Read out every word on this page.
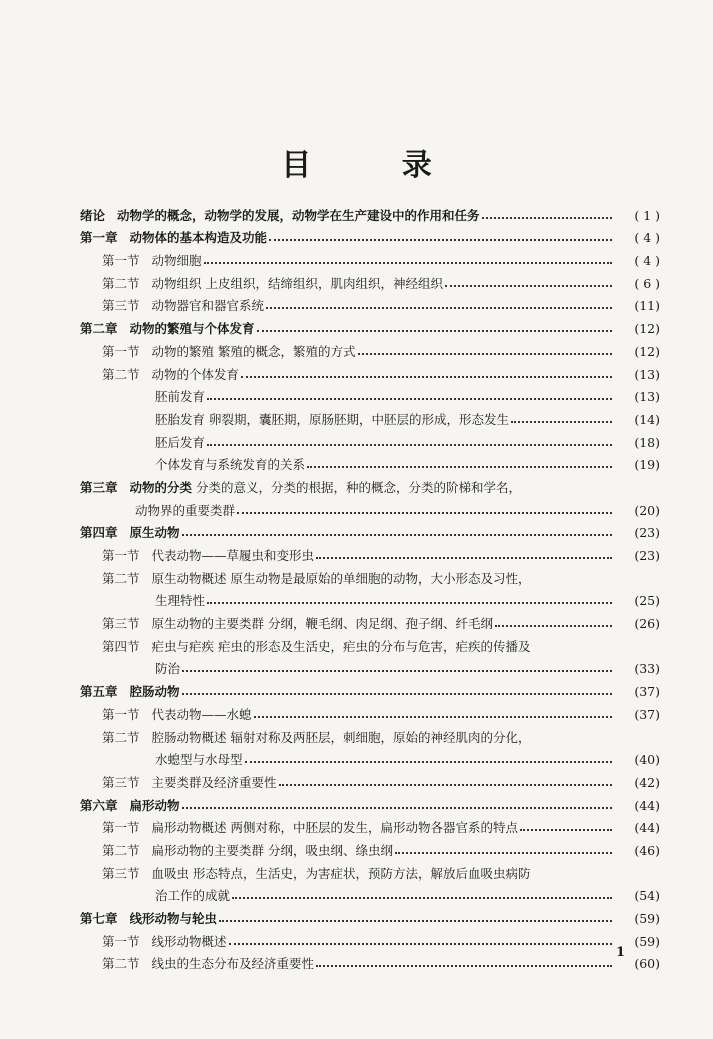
目 录
绪论 动物学的概念，动物学的发展，动物学在生产建设中的作用和任务	( 1 )
第一章 动物体的基本构造及功能	( 4 )
第一节 动物细胞	( 4 )
第二节 动物组织 上皮组织，结缔组织，肌肉组织，神经组织	( 6 )
第三节 动物器官和器官系统	(11)
第二章 动物的繁殖与个体发育	(12)
第一节 动物的繁殖 繁殖的概念，繁殖的方式	(12)
第二节 动物的个体发育	(13)
胚前发育	(13)
胚胎发育 卵裂期，囊胚期，原肠胚期，中胚层的形成，形态发生	(14)
胚后发育	(18)
个体发育与系统发育的关系	(19)
第三章 动物的分类 分类的意义，分类的根据，种的概念，分类的阶梯和学名，
动物界的重要类群	(20)
第四章 原生动物	(23)
第一节 代表动物——草履虫和变形虫	(23)
第二节 原生动物概述 原生动物是最原始的单细胞的动物，大小形态及习性，
生理特性	(25)
第三节 原生动物的主要类群 分纲，鞭毛纲、肉足纲、孢子纲、纤毛纲	(26)
第四节 疟虫与疟疾 疟虫的形态及生活史，疟虫的分布与危害，疟疾的传播及
防治	(33)
第五章 腔肠动物	(37)
第一节 代表动物——水螅	(37)
第二节 腔肠动物概述 辐射对称及两胚层，刺细胞，原始的神经肌肉的分化，
水螅型与水母型	(40)
第三节 主要类群及经济重要性	(42)
第六章 扁形动物	(44)
第一节 扁形动物概述 两侧对称，中胚层的发生，扁形动物各器官系的特点	(44)
第二节 扁形动物的主要类群 分纲，吸虫纲、绦虫纲	(46)
第三节 血吸虫 形态特点，生活史，为害症状，预防方法，解放后血吸虫病防
治工作的成就	(54)
第七章 线形动物与轮虫	(59)
第一节 线形动物概述	(59)
第二节 线虫的生态分布及经济重要性	(60)
1
